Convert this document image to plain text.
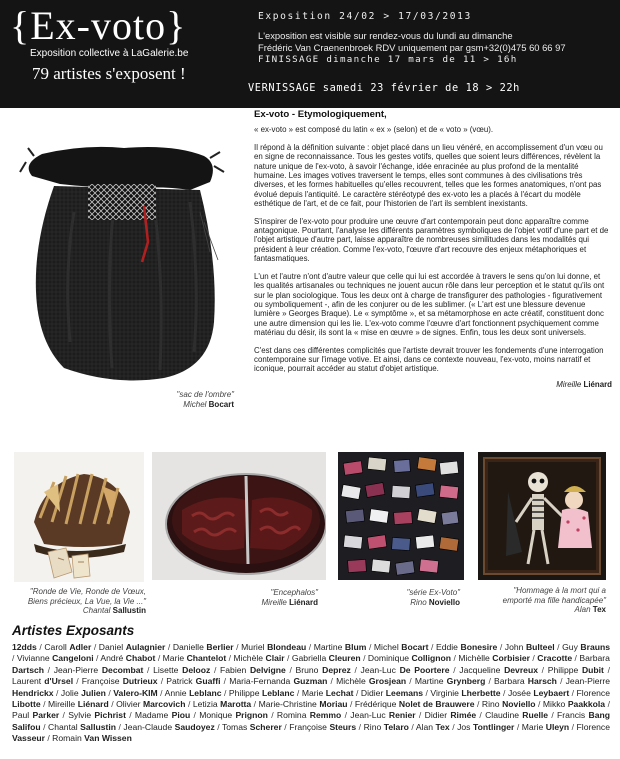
{Ex-voto}
Exposition collective à LaGalerie.be
79 artistes s'exposent !
Exposition 24/02 > 17/03/2013
L'exposition est visible sur rendez-vous du lundi au dimanche
Frédéric Van Craenenbroek RDV uniquement par gsm+32(0)475 60 66 97
FINISSAGE dimanche 17 mars de 11 > 16h
VERNISSAGE samedi 23 février de 18 > 22h
"sac de l'ombre"
Michel Bocart
Ex-voto - Etymologiquement,

« ex-voto » est composé du latin « ex » (selon) et de « voto » (vœu).

Il répond à la définition suivante : objet placé dans un lieu vénéré, en accomplissement d'un vœu ou en signe de reconnaissance. Tous les gestes votifs, quelles que soient leurs différences, révèlent la nature unique de l'ex-voto, à savoir l'échange, idée enracinée au plus profond de la mentalité humaine. Les images votives traversent le temps, elles sont communes à des civilisations très diverses, et les formes habituelles qu'elles recouvrent, telles que les formes anatomiques, n'ont pas évolué depuis l'antiquité. Le caractère stéréotypé des ex-voto les a placés à l'écart du modèle esthétique de l'art, et de ce fait, pour l'historien de l'art ils semblent inexistants.

S'inspirer de l'ex-voto pour produire une œuvre d'art contemporain peut donc apparaître comme antagonique. Pourtant, l'analyse les différents paramètres symboliques de l'objet votif d'une part et de l'objet artistique d'autre part, laisse apparaître de nombreuses similitudes dans les modalités qui président à leur création. Comme l'ex-voto, l'œuvre d'art recouvre des enjeux métaphoriques et fantasmatiques.

L'un et l'autre n'ont d'autre valeur que celle qui lui est accordée à travers le sens qu'on lui donne, et les qualités artisanales ou techniques ne jouent aucun rôle dans leur perception et le statut qu'ils ont sur le plan sociologique. Tous les deux ont à charge de transfigurer des pathologies - figurativement ou symboliquement -, afin de les conjurer ou de les sublimer. (« L'art est une blessure devenue lumière » Georges Braque). Le « symptôme », et sa métamorphose en acte créatif, constituent donc une autre dimension qui les lie. L'ex-voto comme l'œuvre d'art fonctionnent psychiquement comme matériau du désir, ils sont la « mise en œuvre » de signes. Enfin, tous les deux sont universels.

C'est dans ces différentes complicités que l'artiste devrait trouver les fondements d'une interrogation contemporaine sur l'image votive. Et ainsi, dans ce contexte nouveau, l'ex-voto, moins narratif et iconique, pourrait accéder au statut d'objet artistique.

Mireille Liénard
"Ronde de Vie, Ronde de Vœux,
Biens précieux, La Vue, la Vie ..."
Chantal Sallustin
"Encephalos"
Mireille Liénard
"série Ex-Voto"
Rino Noviello
"Hommage à la mort qui a
emporté ma fille handicapée"
Alan Tex
Artistes Exposants
12dds / Caroll Adler / Daniel Aulagnier / Danielle Berlier / Muriel Blondeau / Martine Blum / Michel Bocart / Eddie Bonesire / John Bulteel / Guy Brauns / Vivianne Cangeloni / André Chabot / Marie Chantelot / Michèle Clair / Gabriella Cleuren / Dominique Collignon / Michèlle Corbisier / Cracotte / Barbara Dartsch / Jean-Pierre Decombat / Lisette Delooz / Fabien Delvigne / Bruno Deprez / Jean-Luc De Poortere / Jacqueline Devreux / Philippe Dubit / Laurent d'Ursel / Françoise Dutrieux / Patrick Guaffi / Maria-Fernanda Guzman / Michèle Grosjean / Martine Grynberg / Barbara Harsch / Jean-Pierre Hendrickx / Jolie Julien / Valero-KIM / Annie Leblanc / Philippe Leblanc / Marie Lechat / Didier Leemans / Virginie Lherbette / Josée Leybaert / Florence Libotte / Mireille Liénard / Olivier Marcovich / Letizia Marotta / Marie-Christine Moriau / Frédérique Nolet de Brauwere / Rino Noviello / Mikko Paakkola / Paul Parker / Sylvie Pichrist / Madame Piou / Monique Prignon / Romina Remmo / Jean-Luc Renier / Didier Rimée / Claudine Ruelle / Francis Bang Salifou / Chantal Sallustin / Jean-Claude Saudoyez / Tomas Scherer / Françoise Steurs / Rino Telaro / Alan Tex / Jos Tontlinger / Marie Uleyn / Florence Vasseur / Romain Van Wissen
